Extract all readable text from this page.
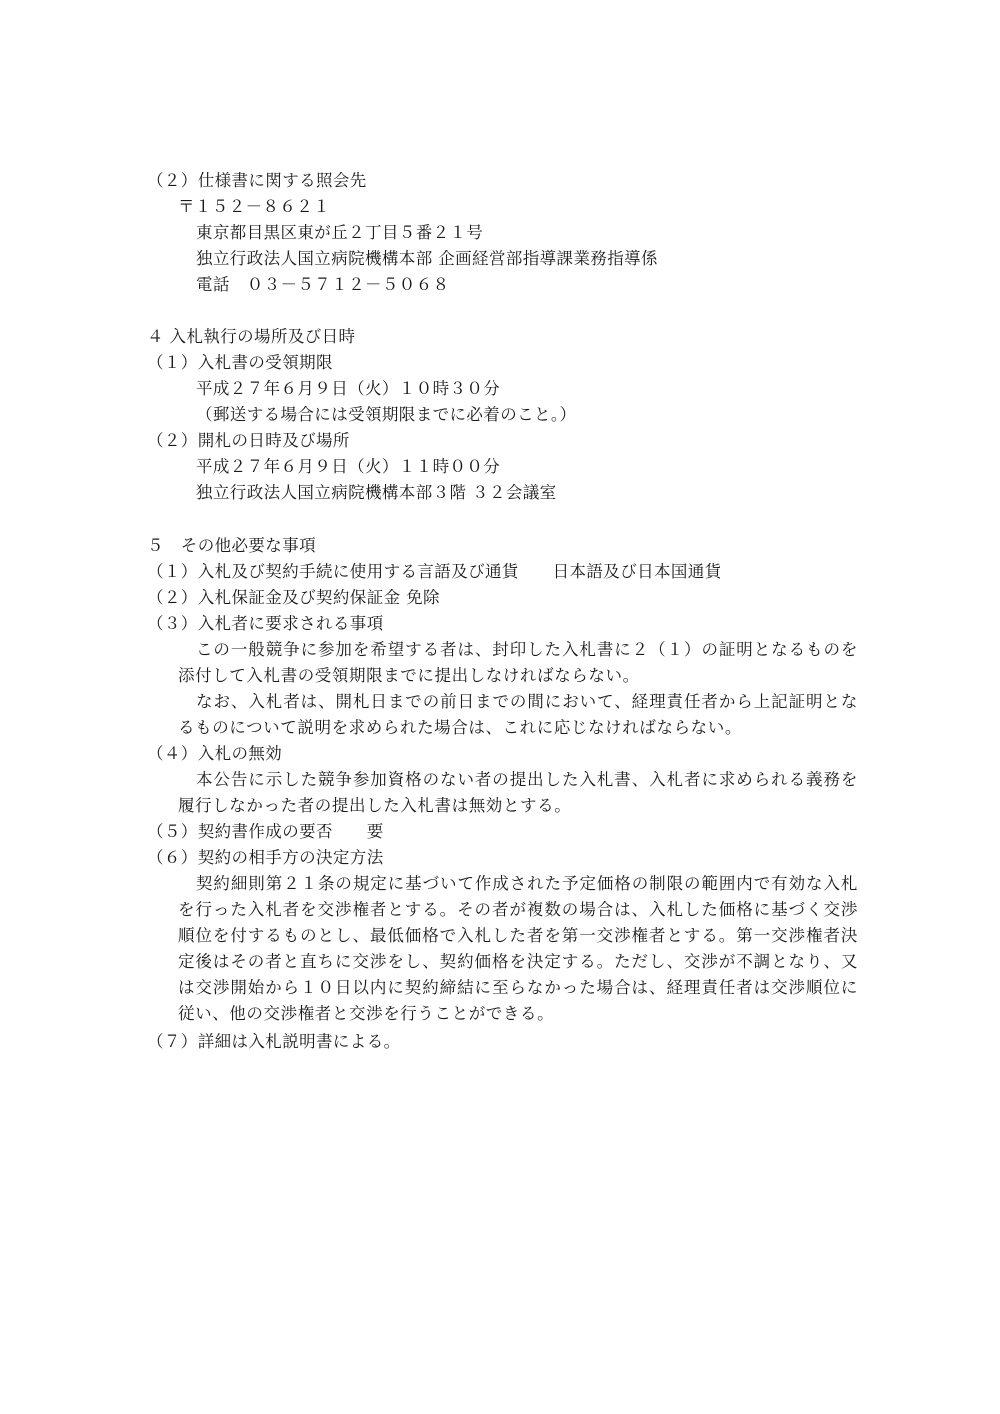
（２）仕様書に関する照会先
〒１５２－８６２１
東京都目黒区東が丘２丁目５番２１号
独立行政法人国立病院機構本部 企画経営部指導課業務指導係
電話　０３－５７１２－５０６８
４ 入札執行の場所及び日時
（１）入札書の受領期限
平成２７年６月９日（火）１０時３０分
（郵送する場合には受領期限までに必着のこと。）
（２）開札の日時及び場所
平成２７年６月９日（火）１１時００分
独立行政法人国立病院機構本部３階 ３２会議室
５　その他必要な事項
（１）入札及び契約手続に使用する言語及び通貨　　日本語及び日本国通貨
（２）入札保証金及び契約保証金 免除
（３）入札者に要求される事項
この一般競争に参加を希望する者は、封印した入札書に２（１）の証明となるものを添付して入札書の受領期限までに提出しなければならない。
なお、入札者は、開札日までの前日までの間において、経理責任者から上記証明となるものについて説明を求められた場合は、これに応じなければならない。
（４）入札の無効
本公告に示した競争参加資格のない者の提出した入札書、入札者に求められる義務を履行しなかった者の提出した入札書は無効とする。
（５）契約書作成の要否　　要
（６）契約の相手方の決定方法
契約細則第２１条の規定に基づいて作成された予定価格の制限の範囲内で有効な入札を行った入札者を交渉権者とする。その者が複数の場合は、入札した価格に基づく交渉順位を付するものとし、最低価格で入札した者を第一交渉権者とする。第一交渉権者決定後はその者と直ちに交渉をし、契約価格を決定する。ただし、交渉が不調となり、又は交渉開始から１０日以内に契約締結に至らなかった場合は、経理責任者は交渉順位に従い、他の交渉権者と交渉を行うことができる。
（７）詳細は入札説明書による。
